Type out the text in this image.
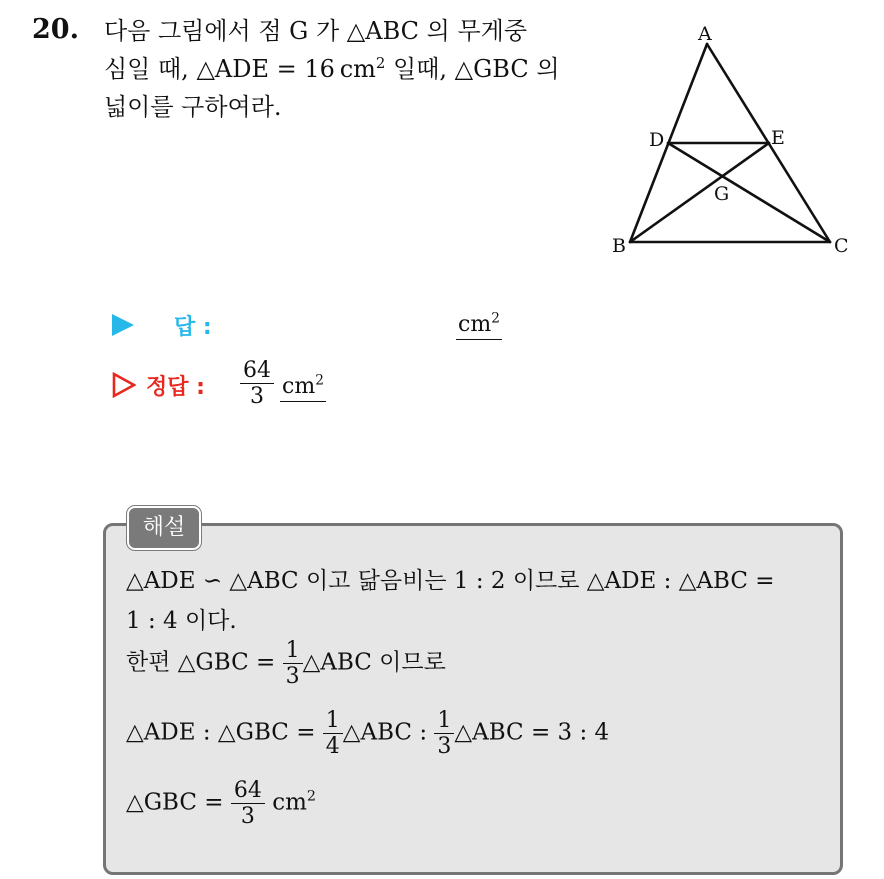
20. 다음 그림에서 점 G 가 △ABC 의 무게중
심일 때, △ADE = 16  $cm^2$ 일때, △GBC 의
넓이를 구하여라.
A
D	E
G
B	C
답 :	$cm^2$
정답 : $\frac{64}{3} cm^2$
해설
△ADE ∽ △ABC 이고 닮음비는 1 : 2 이므로 △ADE : △ABC =
1 : 4 이다.
한편 △GBC = $\frac{1}{3}$ △ABC 이므로
△ADE : △GBC = $\frac{1}{4}$ △ABC : $\frac{1}{3}$ △ABC = 3 : 4
△GBC = $\frac{64}{3} cm^2$
